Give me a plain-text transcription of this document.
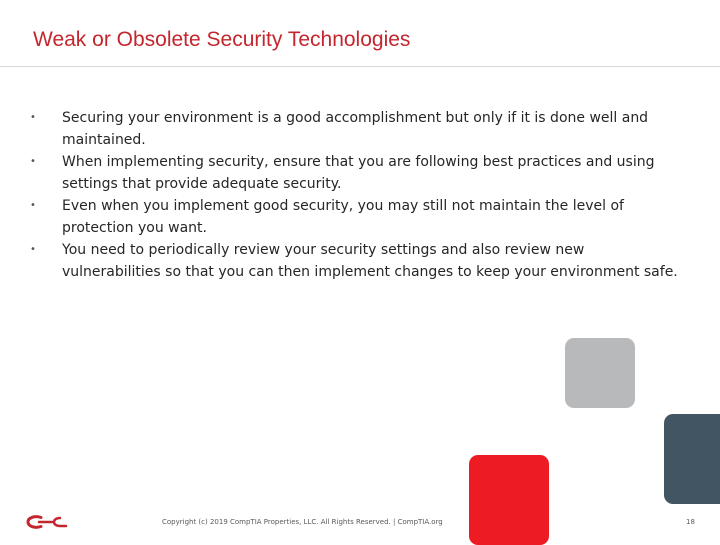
Weak or Obsolete Security Technologies
• Securing your environment is a good accomplishment but only if it is done well and maintained.
• When implementing security, ensure that you are following best practices and using settings that provide adequate security.
• Even when you implement good security, you may still not maintain the level of protection you want.
• You need to periodically review your security settings and also review new vulnerabilities so that you can then implement changes to keep your environment safe.
Copyright (c) 2019 CompTIA Properties, LLC. All Rights Reserved. | CompTIA.org	18
